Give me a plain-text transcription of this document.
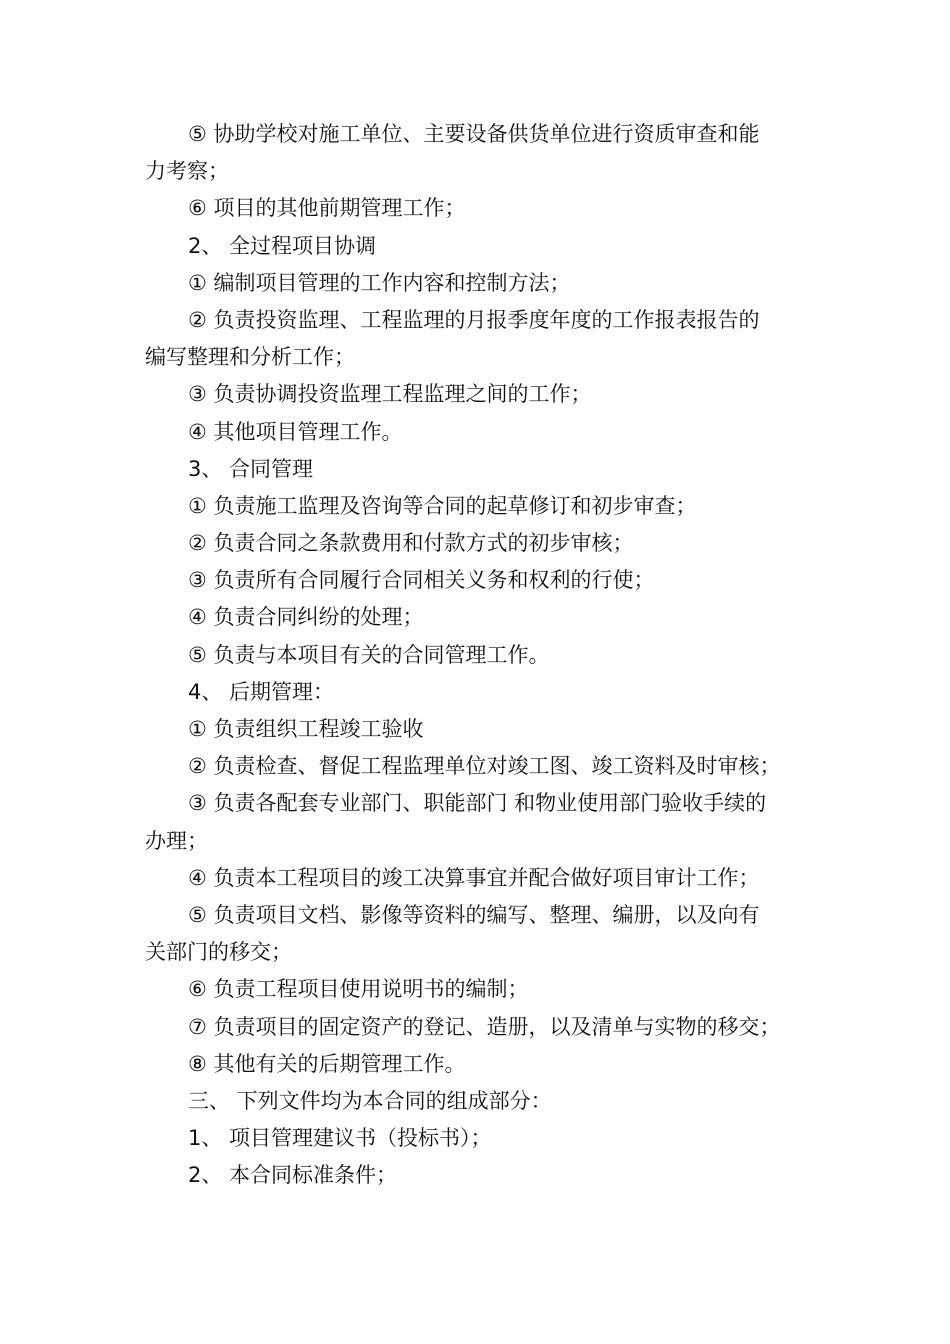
⑤ 协助学校对施工单位、主要设备供货单位进行资质审查和能
力考察；
⑥ 项目的其他前期管理工作；
2、 全过程项目协调
① 编制项目管理的工作内容和控制方法；
② 负责投资监理、工程监理的月报季度年度的工作报表报告的
编写整理和分析工作；
③ 负责协调投资监理工程监理之间的工作；
④ 其他项目管理工作。
3、 合同管理
① 负责施工监理及咨询等合同的起草修订和初步审查；
② 负责合同之条款费用和付款方式的初步审核；
③ 负责所有合同履行合同相关义务和权利的行使；
④ 负责合同纠纷的处理；
⑤ 负责与本项目有关的合同管理工作。
4、 后期管理：
① 负责组织工程竣工验收
② 负责检查、督促工程监理单位对竣工图、竣工资料及时审核；
③ 负责各配套专业部门、职能部门 和物业使用部门验收手续的
办理；
④ 负责本工程项目的竣工决算事宜并配合做好项目审计工作；
⑤ 负责项目文档、影像等资料的编写、整理、编册，以及向有
关部门的移交；
⑥ 负责工程项目使用说明书的编制；
⑦ 负责项目的固定资产的登记、造册，以及清单与实物的移交；
⑧ 其他有关的后期管理工作。
三、 下列文件均为本合同的组成部分：
1、 项目管理建议书（投标书）；
2、 本合同标准条件；
